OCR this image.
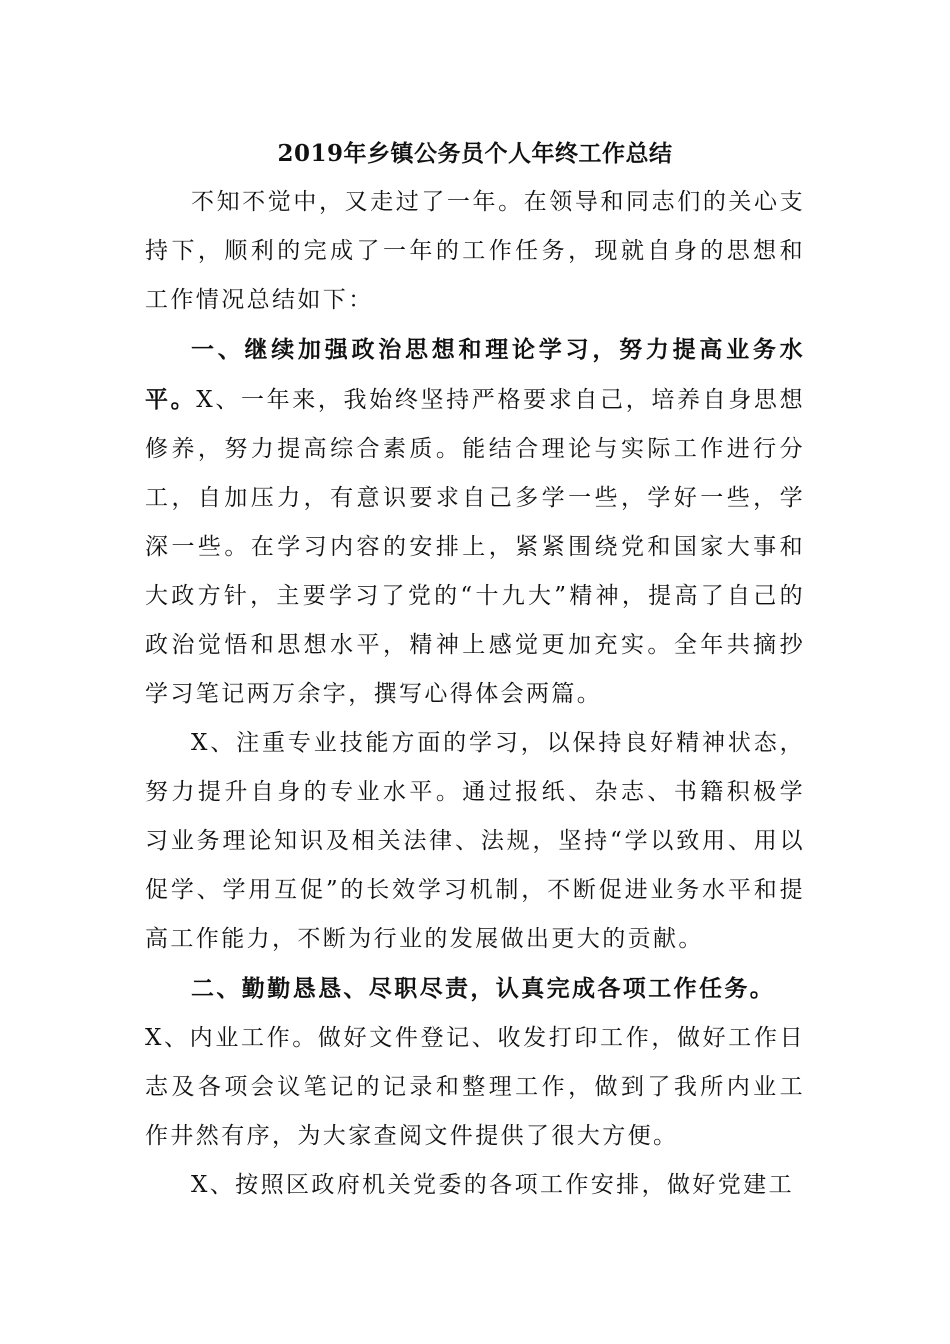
2019年乡镇公务员个人年终工作总结

不知不觉中，又走过了一年。在领导和同志们的关心支持下，顺利的完成了一年的工作任务，现就自身的思想和工作情况总结如下：

一、继续加强政治思想和理论学习，努力提高业务水平。X、一年来，我始终坚持严格要求自己，培养自身思想修养，努力提高综合素质。能结合理论与实际工作进行分工，自加压力，有意识要求自己多学一些，学好一些，学深一些。在学习内容的安排上，紧紧围绕党和国家大事和大政方针，主要学习了党的“十九大”精神，提高了自己的政治觉悟和思想水平，精神上感觉更加充实。全年共摘抄学习笔记两万余字，撰写心得体会两篇。

X、注重专业技能方面的学习，以保持良好精神状态，努力提升自身的专业水平。通过报纸、杂志、书籍积极学习业务理论知识及相关法律、法规，坚持“学以致用、用以促学、学用互促”的长效学习机制，不断促进业务水平和提高工作能力，不断为行业的发展做出更大的贡献。

二、勤勤恳恳、尽职尽责，认真完成各项工作任务。

X、内业工作。做好文件登记、收发打印工作，做好工作日志及各项会议笔记的记录和整理工作，做到了我所内业工作井然有序，为大家查阅文件提供了很大方便。

X、按照区政府机关党委的各项工作安排，做好党建工
